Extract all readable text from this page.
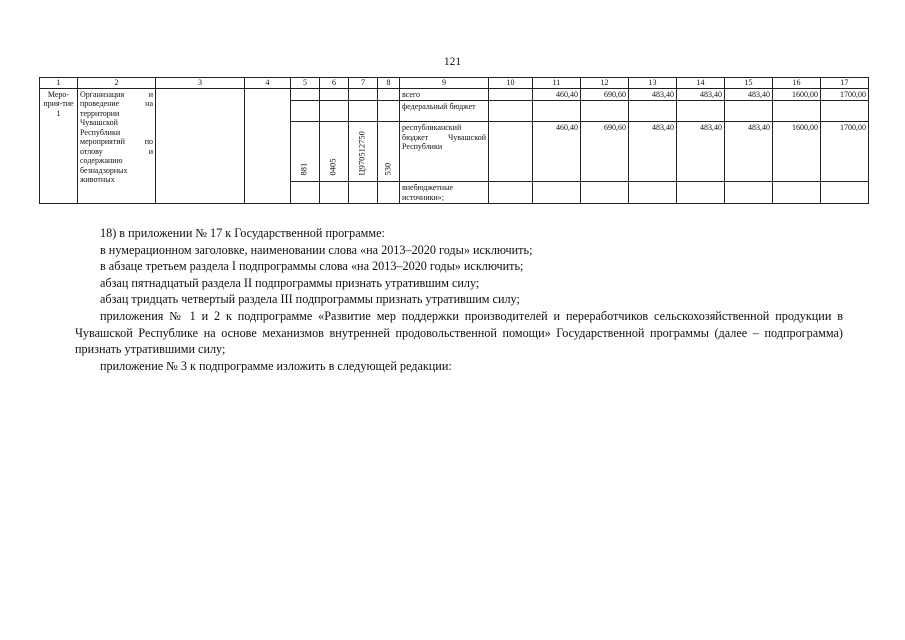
121
1	2	3	4	5	6	7	8	9	10	11	12	13	14	15	16	17
Меро-прия-тие 1	Организация и проведение на территории Чувашской Республики мероприятий по отлову и содержанию безнадзорных животных							всего		460,40	690,60	483,40	483,40	483,40	1600,00	1700,00
								федеральный бюджет								

				881	0405	Ц970512750	530	республиканский бюджет Чувашской Республики		460,40	690,60	483,40	483,40	483,40	1600,00	1700,00
								внебюджетные источники»;								

18) в приложении № 17 к Государственной программе:

в нумерационном заголовке, наименовании слова «на 2013–2020 годы» исключить;

в абзаце третьем раздела I подпрограммы слова «на 2013–2020 годы» исключить;

абзац пятнадцатый раздела II подпрограммы признать утратившим силу;

абзац тридцать четвертый раздела III подпрограммы признать утратившим силу;

приложения № 1 и 2 к подпрограмме «Развитие мер поддержки производителей и переработчиков сельскохозяйственной продукции в Чувашской Республике на основе механизмов внутренней продовольственной помощи» Государственной программы (далее – подпрограмма) признать утратившими силу;

приложение № 3 к подпрограмме изложить в следующей редакции:
